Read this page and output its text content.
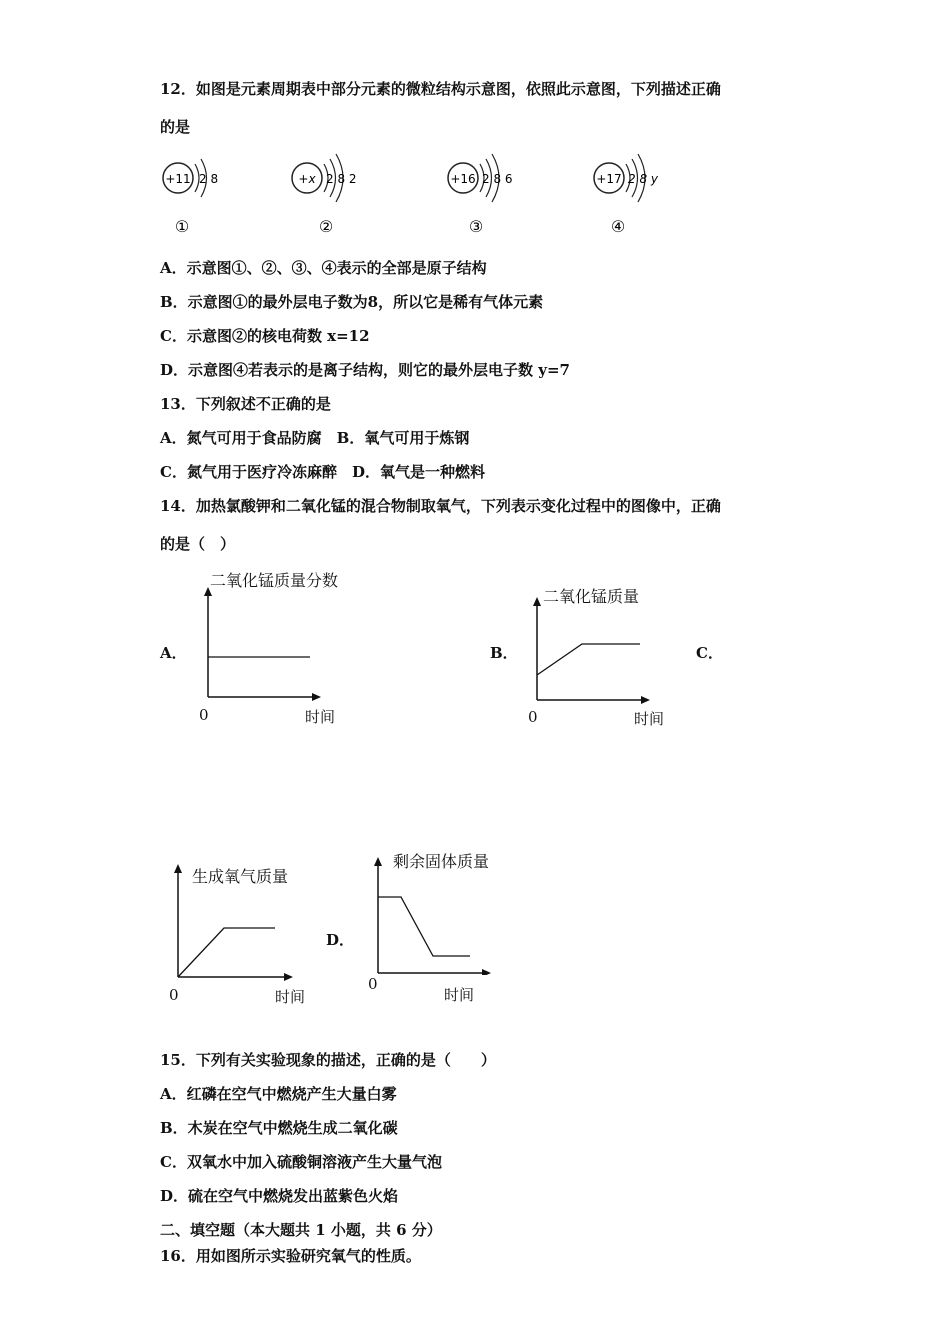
12．如图是元素周期表中部分元素的微粒结构示意图，依照此示意图，下列描述正确
的是
+11 2 8
①
+x 2 8 2
②
+16 2 8 6
③
+17 2 8 y
④
A．示意图①、②、③、④表示的全部是原子结构
B．示意图①的最外层电子数为8，所以它是稀有气体元素
C．示意图②的核电荷数 x=12
D．示意图④若表示的是离子结构，则它的最外层电子数 y=7
13．下列叙述不正确的是
A．氮气可用于食品防腐　B．氧气可用于炼钢
C．氮气用于医疗冷冻麻醉　D．氧气是一种燃料
14．加热氯酸钾和二氧化锰的混合物制取氧气，下列表示变化过程中的图像中，正确
的是（　）
A．	B．	C．
D．
二氧化锰质量分数
0	时间
二氧化锰质量
0	时间
生成氧气质量
0	时间
剩余固体质量
0
时间
15．下列有关实验现象的描述，正确的是（　　）
A．红磷在空气中燃烧产生大量白雾
B．木炭在空气中燃烧生成二氧化碳
C．双氧水中加入硫酸铜溶液产生大量气泡
D．硫在空气中燃烧发出蓝紫色火焰
二、填空题（本大题共 1 小题，共 6 分）
16．用如图所示实验研究氧气的性质。
